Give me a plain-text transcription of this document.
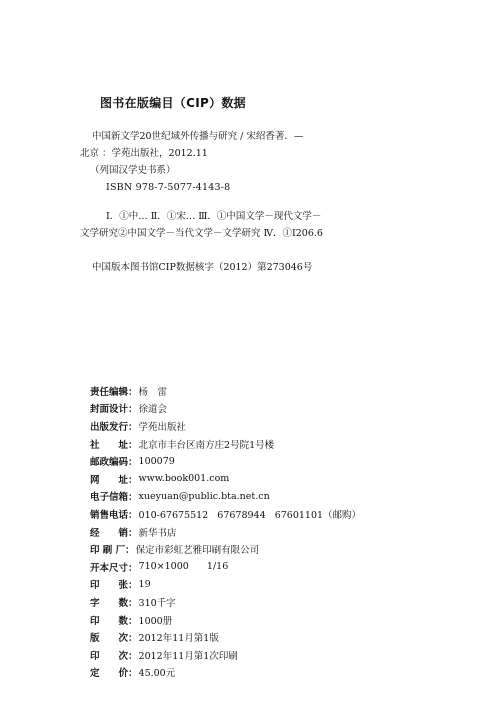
图书在版编目（CIP）数据
中国新文学20世纪域外传播与研究 / 宋绍香著．—
北京 ：学苑出版社，2012.11
（列国汉学史书系）
ISBN 978-7-5077-4143-8
Ⅰ．①中… Ⅱ．①宋… Ⅲ．①中国文学－现代文学－
文学研究②中国文学－当代文学－文学研究 Ⅳ．①I206.6
中国版本图书馆CIP数据核字（2012）第273046号
责任编辑 ： 杨　雷
封面设计 ： 徐道会
出版发行 ： 学苑出版社
社　　址 ： 北京市丰台区南方庄2号院1号楼
邮政编码 ： 100079
网　　址 ： www.book001.com
电子信箱 ： xueyuan@public.bta.net.cn
销售电话 ： 010-67675512   67678944   67601101（邮购）
经　　销 ： 新华书店
印 刷 厂 ： 保定市彩虹艺雅印刷有限公司
开本尺寸 ： 710×1000      1/16
印　　张 ： 19
字　　数 ： 310千字
印　　数 ： 1000册
版　　次 ： 2012年11月第1版
印　　次 ： 2012年11月第1次印刷
定　　价 ： 45.00元
